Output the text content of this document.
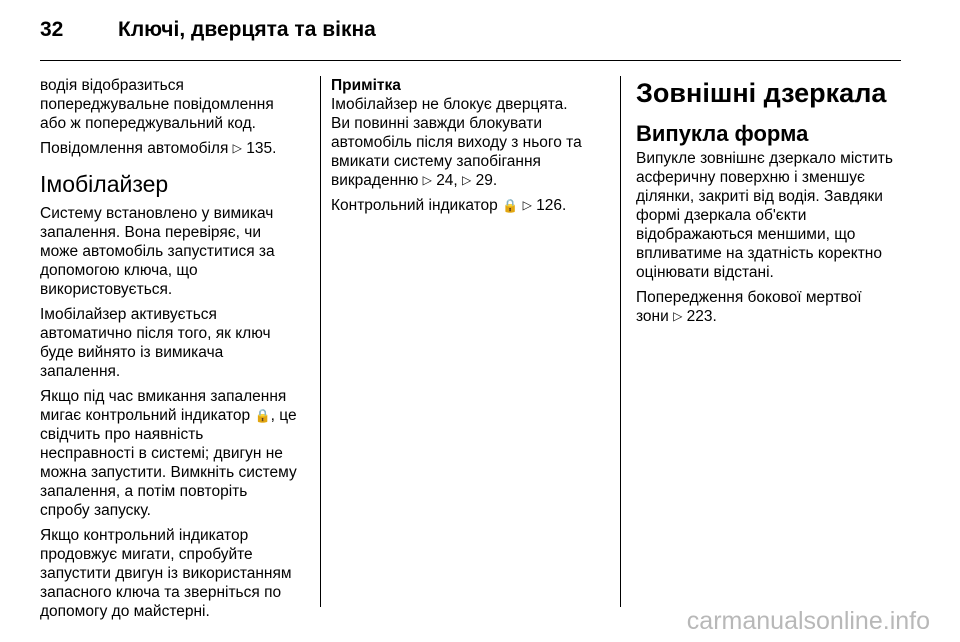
32	Ключі, дверцята та вікна

водія відобразиться
попереджувальне повідомлення
або ж попереджувальний код.

Повідомлення автомобіля ▷ 135.

Імобілайзер

Систему встановлено у вимикач
запалення. Вона перевіряє, чи
може автомобіль запуститися за
допомогою ключа, що
використовується.

Імобілайзер активується
автоматично після того, як ключ
буде вийнято із вимикача
запалення.

Якщо під час вмикання запалення
мигає контрольний індикатор 🔒, це
свідчить про наявність
несправності в системі; двигун не
можна запустити. Вимкніть систему
запалення, а потім повторіть
спробу запуску.

Якщо контрольний індикатор
продовжує мигати, спробуйте
запустити двигун із використанням
запасного ключа та зверніться по
допомогу до майстерні.

Примітка
Імобілайзер не блокує дверцята.
Ви повинні завжди блокувати
автомобіль після виходу з нього та
вмикати систему запобігання
викраденню ▷ 24, ▷ 29.

Контрольний індикатор 🔒 ▷ 126.

Зовнішні дзеркала
Випукла форма

Випукле зовнішнє дзеркало містить
асферичну поверхню і зменшує
ділянки, закриті від водія. Завдяки
формі дзеркала об'єкти
відображаються меншими, що
впливатиме на здатність коректно
оцінювати відстані.

Попередження бокової мертвої
зони ▷ 223.

carmanualsonline.info
